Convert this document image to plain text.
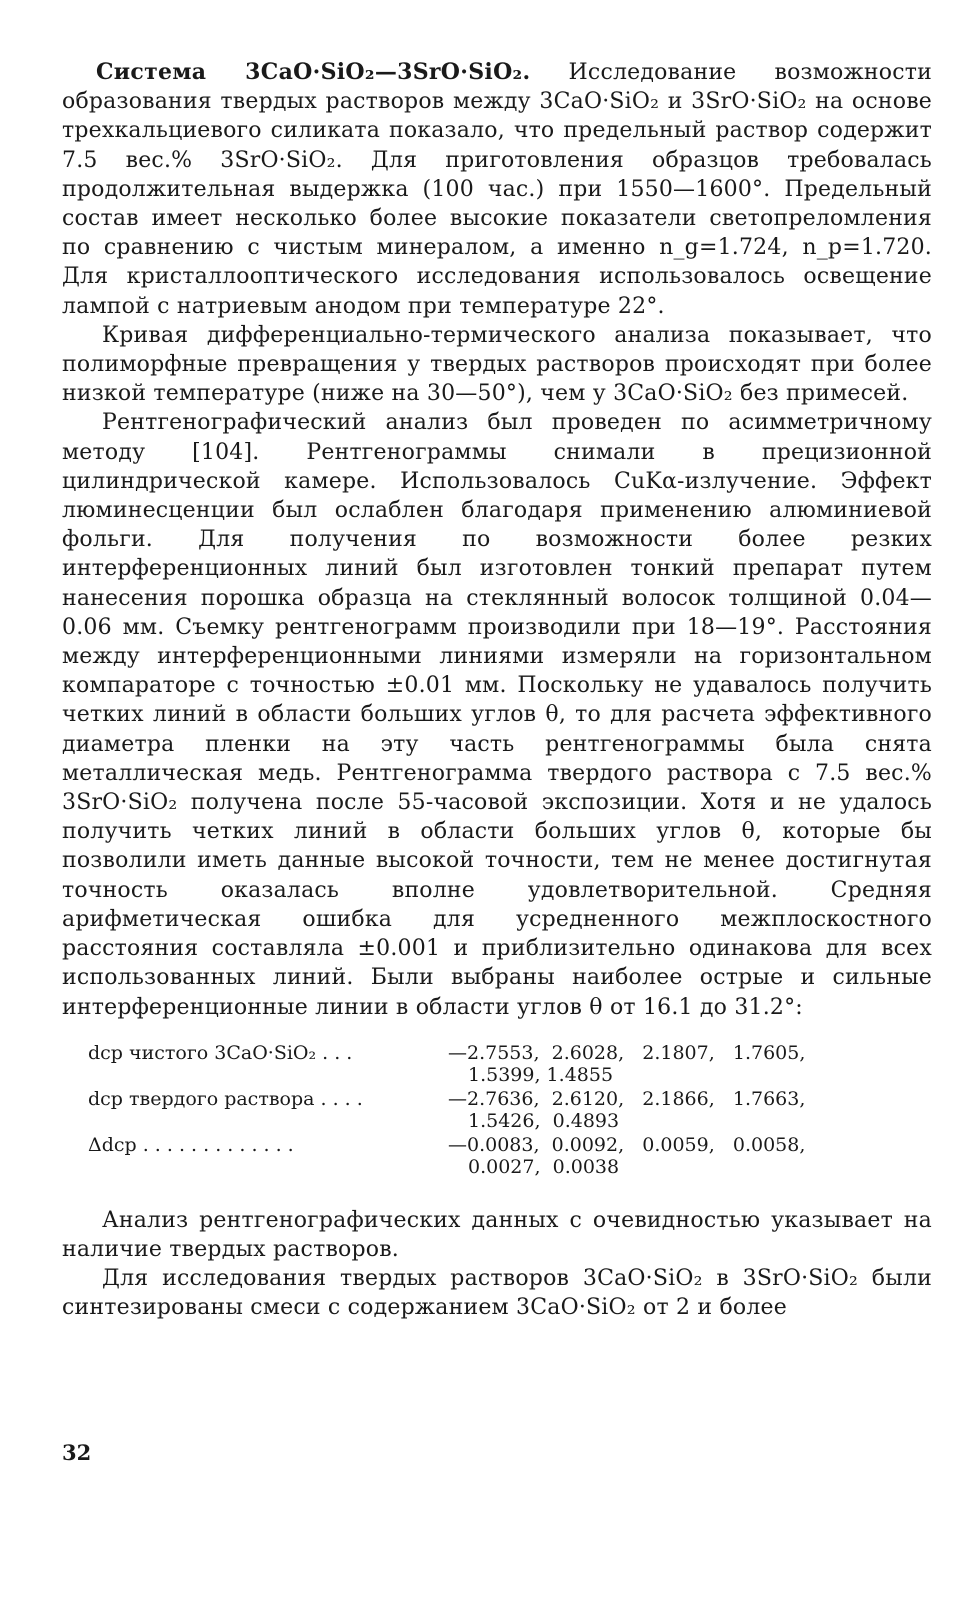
Система 3CaO·SiO₂—3SrO·SiO₂. Исследование возможности образования твердых растворов между 3CaO·SiO₂ и 3SrO·SiO₂ на основе трехкальциевого силиката показало, что предельный раствор содержит 7.5 вес.% 3SrO·SiO₂. Для приготовления образцов требовалась продолжительная выдержка (100 час.) при 1550—1600°. Предельный состав имеет несколько более высокие показатели светопреломления по сравнению с чистым минералом, а именно n_g=1.724, n_p=1.720. Для кристаллооптического исследования использовалось освещение лампой с натриевым анодом при температуре 22°.

Кривая дифференциально-термического анализа показывает, что полиморфные превращения у твердых растворов происходят при более низкой температуре (ниже на 30—50°), чем у 3CaO·SiO₂ без примесей.

Рентгенографический анализ был проведен по асимметричному методу [104]. Рентгенограммы снимали в прецизионной цилиндрической камере. Использовалось CuKα-излучение. Эффект люминесценции был ослаблен благодаря применению алюминиевой фольги. Для получения по возможности более резких интерференционных линий был изготовлен тонкий препарат путем нанесения порошка образца на стеклянный волосок толщиной 0.04—0.06 мм. Съемку рентгенограмм производили при 18—19°. Расстояния между интерференционными линиями измеряли на горизонтальном компараторе с точностью ±0.01 мм. Поскольку не удавалось получить четких линий в области больших углов θ, то для расчета эффективного диаметра пленки на эту часть рентгенограммы была снята металлическая медь. Рентгенограмма твердого раствора с 7.5 вес.% 3SrO·SiO₂ получена после 55-часовой экспозиции. Хотя и не удалось получить четких линий в области больших углов θ, которые бы позволили иметь данные высокой точности, тем не менее достигнутая точность оказалась вполне удовлетворительной. Средняя арифметическая ошибка для усредненного межплоскостного расстояния составляла ±0.001 и приблизительно одинакова для всех использованных линий. Были выбраны наиболее острые и сильные интерференционные линии в области углов θ от 16.1 до 31.2°:

dср чистого 3CaO·SiO₂ . . .	—2.7553,  2.6028,   2.1807,   1.7605,
1.5399, 1.4855
dср твердого раствора . . . .	—2.7636,  2.6120,   2.1866,   1.7663,
1.5426,  0.4893
Δdср . . . . . . . . . . . . .	—0.0083,  0.0092,   0.0059,   0.0058,
0.0027,  0.0038

Анализ рентгенографических данных с очевидностью указывает на наличие твердых растворов.

Для исследования твердых растворов 3CaO·SiO₂ в 3SrO·SiO₂ были синтезированы смеси с содержанием 3CaO·SiO₂ от 2 и более

32
